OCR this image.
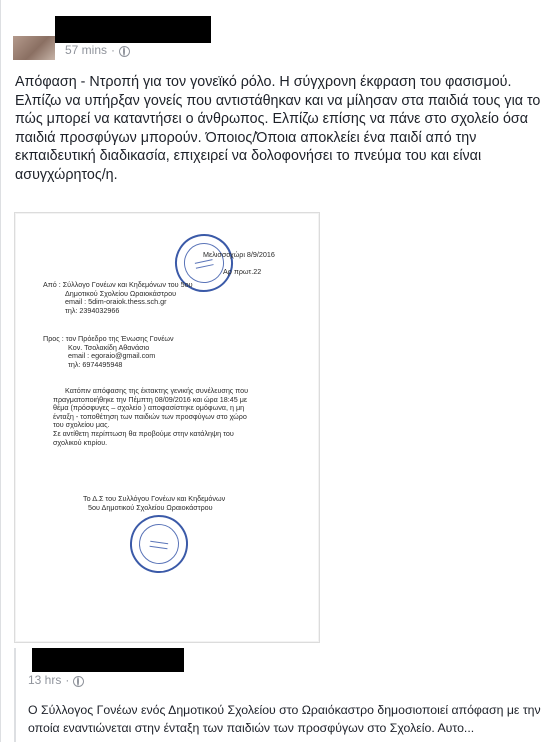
57 mins ·

Απόφαση - Ντροπή για τον γονεϊκό ρόλο. Η σύγχρονη έκφραση του φασισμού. Ελπίζω να υπήρξαν γονείς που αντιστάθηκαν και να μίλησαν στα παιδιά τους για το πώς μπορεί να καταντήσει ο άνθρωπος. Ελπίζω επίσης να πάνε στο σχολείο όσα παιδιά προσφύγων μπορούν. Όποιος/Όποια αποκλείει ένα παιδί από την εκπαιδευτική διαδικασία, επιχειρεί να δολοφονήσει το πνεύμα του και είναι ασυγχώρητος/η.

Μελισσοχώρι 8/9/2016
Αρ πρωτ.22
Από : Σύλλογο Γονέων και Κηδεμόνων του 5ου
Δημοτικού Σχολείου Ωραιοκάστρου
email : 5dim-oraiok.thess.sch.gr
τηλ: 2394032966
Προς : τον Πρόεδρο της Ένωσης Γονέων
Κον. Τσολακίδη Αθανάσιο
email : egoraio@gmail.com
τηλ: 6974495948
Κατόπιν απόφασης της έκτακτης γενικής συνέλευσης που
πραγματοποιήθηκε την Πέμπτη 08/09/2016 και ώρα 18:45 με
θέμα (πρόσφυγες – σχολείο ) αποφασίστηκε ομόφωνα, η μη
ένταξη - τοποθέτηση των παιδιών των προσφύγων στο χώρο
του σχολείου μας.
Σε αντίθετη περίπτωση θα προβούμε στην κατάληψη του
σχολικού κτιρίου.
Το Δ.Σ του Συλλόγου Γονέων και Κηδεμόνων
5ου Δημοτικού Σχολείου Ωραιοκάστρου
13 hrs ·

Ο Σύλλογος Γονέων ενός Δημοτικού Σχολείου στο Ωραιόκαστρο δημοσιοποιεί απόφαση με την οποία εναντιώνεται στην ένταξη των παιδιών των προσφύγων στο Σχολείο. Αυτο...
